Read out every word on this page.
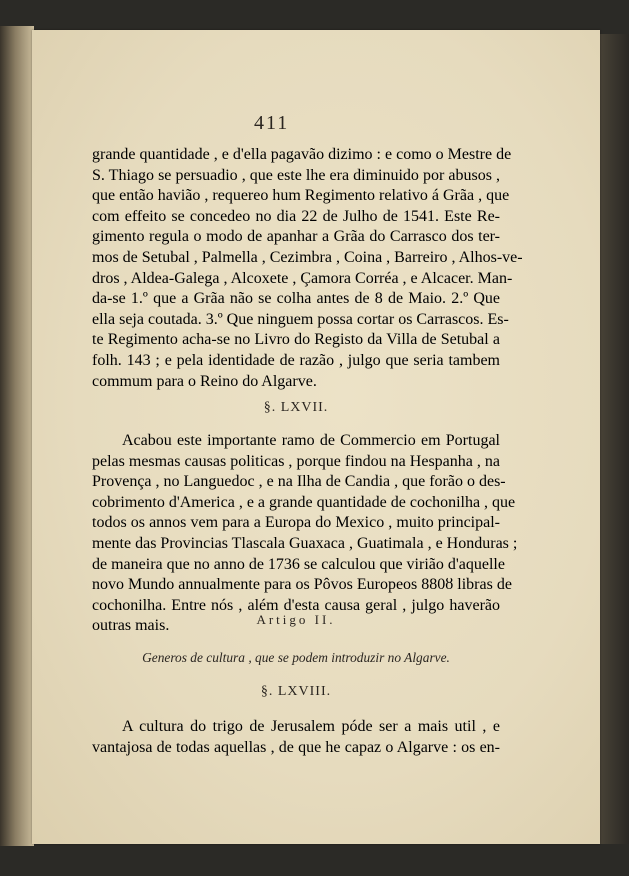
411
grande quantidade , e d'ella pagavão dizimo : e como o Mestre de
S. Thiago se persuadio , que este lhe era diminuido por abusos ,
que então havião , requereo hum Regimento relativo á Grãa , que
com effeito se concedeo no dia 22 de Julho de 1541. Este Re-
gimento regula o modo de apanhar a Grãa do Carrasco dos ter-
mos de Setubal , Palmella , Cezimbra , Coina , Barreiro , Alhos-ve-
dros , Aldea-Galega , Alcoxete , Çamora Corréa , e Alcacer. Man-
da-se 1.º que a Grãa não se colha antes de 8 de Maio. 2.º Que
ella seja coutada. 3.º Que ninguem possa cortar os Carrascos. Es-
te Regimento acha-se no Livro do Registo da Villa de Setubal a
folh. 143 ; e pela identidade de razão , julgo que seria tambem
commum para o Reino do Algarve.
§. LXVII.
Acabou este importante ramo de Commercio em Portugal
pelas mesmas causas politicas , porque findou na Hespanha , na
Provença , no Languedoc , e na Ilha de Candia , que forão o des-
cobrimento d'America , e a grande quantidade de cochonilha , que
todos os annos vem para a Europa do Mexico , muito principal-
mente das Provincias Tlascala Guaxaca , Guatimala , e Honduras ;
de maneira que no anno de 1736 se calculou que virião d'aquelle
novo Mundo annualmente para os Pôvos Europeos 880ȣ libras de
cochonilha. Entre nós , além d'esta causa geral , julgo haverão
outras mais.	Artigo II.
Generos de cultura , que se podem introduzir no Algarve.
§. LXVIII.
A cultura do trigo de Jerusalem póde ser a mais util , e
vantajosa de todas aquellas , de que he capaz o Algarve : os en-
